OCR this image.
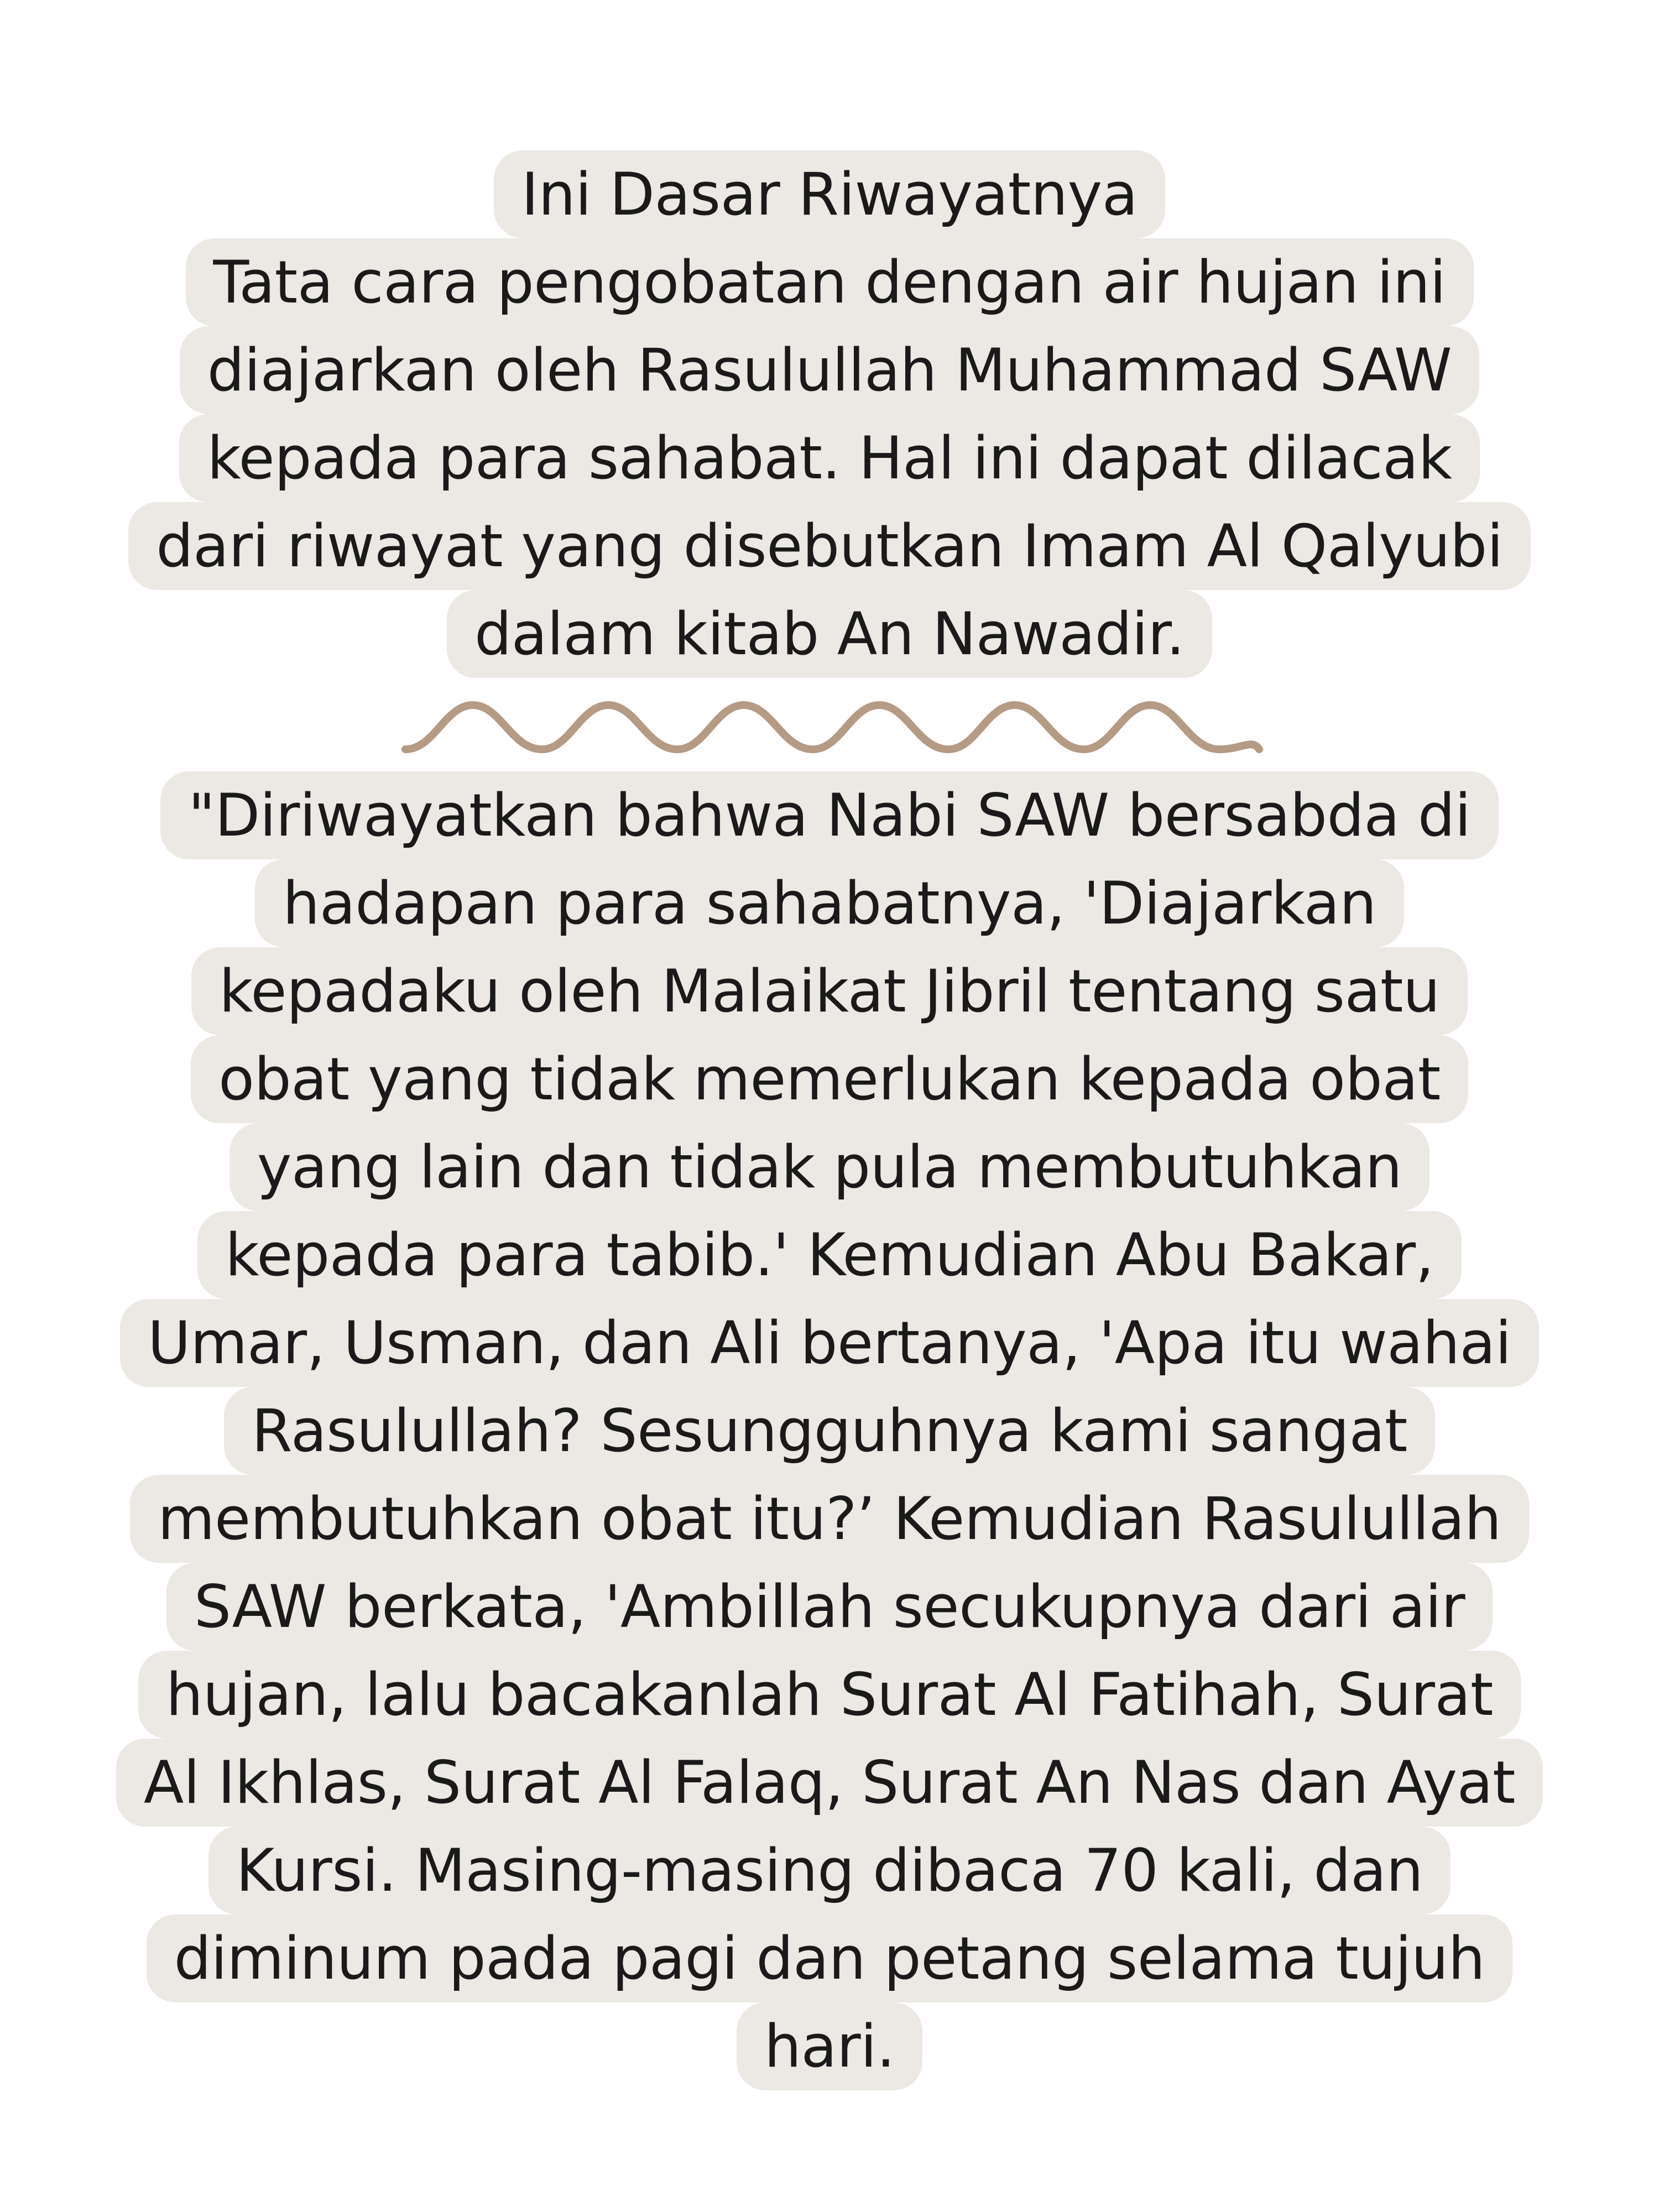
Ini Dasar Riwayatnya
Tata cara pengobatan dengan air hujan ini
diajarkan oleh Rasulullah Muhammad SAW
kepada para sahabat. Hal ini dapat dilacak
dari riwayat yang disebutkan Imam Al Qalyubi
dalam kitab An Nawadir.
"Diriwayatkan bahwa Nabi SAW bersabda di
hadapan para sahabatnya, 'Diajarkan
kepadaku oleh Malaikat Jibril tentang satu
obat yang tidak memerlukan kepada obat
yang lain dan tidak pula membutuhkan
kepada para tabib.' Kemudian Abu Bakar,
Umar, Usman, dan Ali bertanya, 'Apa itu wahai
Rasulullah? Sesungguhnya kami sangat
membutuhkan obat itu?’ Kemudian Rasulullah
SAW berkata, 'Ambillah secukupnya dari air
hujan, lalu bacakanlah Surat Al Fatihah, Surat
Al Ikhlas, Surat Al Falaq, Surat An Nas dan Ayat
Kursi. Masing-masing dibaca 70 kali, dan
diminum pada pagi dan petang selama tujuh
hari.
